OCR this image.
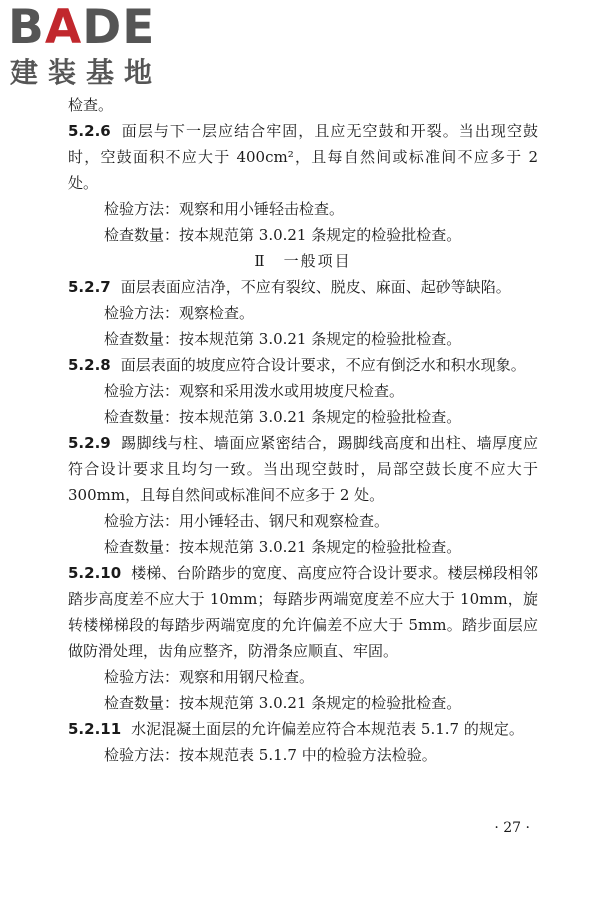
BADE
建装基地

检查。

5.2.6 面层与下一层应结合牢固，且应无空鼓和开裂。当出现空鼓时，空鼓面积不应大于 400cm²，且每自然间或标准间不应多于 2 处。

检验方法：观察和用小锤轻击检查。

检查数量：按本规范第 3.0.21 条规定的检验批检查。

Ⅱ　一般项目

5.2.7 面层表面应洁净，不应有裂纹、脱皮、麻面、起砂等缺陷。

检验方法：观察检查。

检查数量：按本规范第 3.0.21 条规定的检验批检查。

5.2.8 面层表面的坡度应符合设计要求，不应有倒泛水和积水现象。

检验方法：观察和采用泼水或用坡度尺检查。

检查数量：按本规范第 3.0.21 条规定的检验批检查。

5.2.9 踢脚线与柱、墙面应紧密结合，踢脚线高度和出柱、墙厚度应符合设计要求且均匀一致。当出现空鼓时，局部空鼓长度不应大于 300mm，且每自然间或标准间不应多于 2 处。

检验方法：用小锤轻击、钢尺和观察检查。

检查数量：按本规范第 3.0.21 条规定的检验批检查。

5.2.10 楼梯、台阶踏步的宽度、高度应符合设计要求。楼层梯段相邻踏步高度差不应大于 10mm；每踏步两端宽度差不应大于 10mm，旋转楼梯梯段的每踏步两端宽度的允许偏差不应大于 5mm。踏步面层应做防滑处理，齿角应整齐，防滑条应顺直、牢固。

检验方法：观察和用钢尺检查。

检查数量：按本规范第 3.0.21 条规定的检验批检查。

5.2.11 水泥混凝土面层的允许偏差应符合本规范表 5.1.7 的规定。

检验方法：按本规范表 5.1.7 中的检验方法检验。

· 27 ·
